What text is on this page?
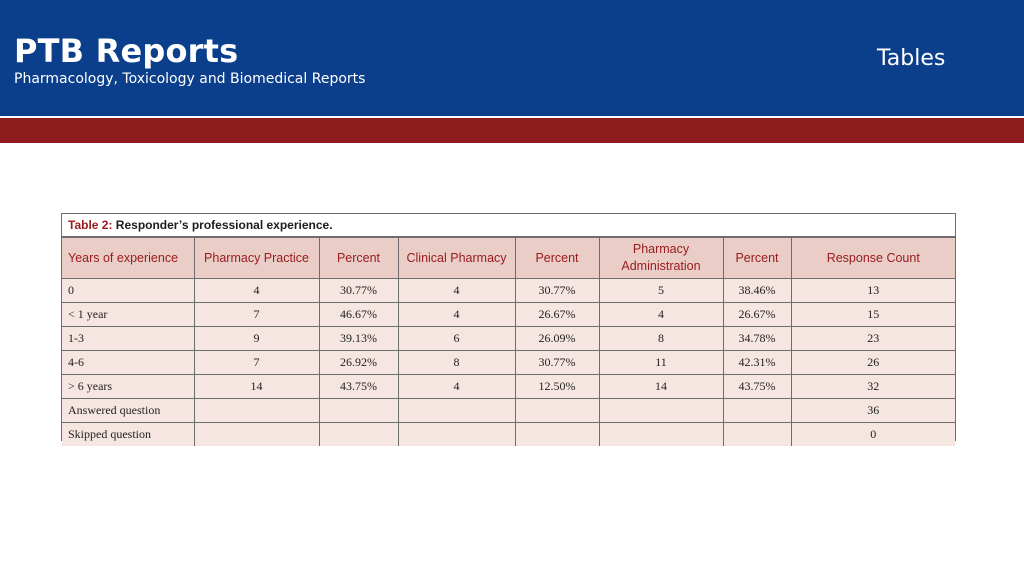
PTB Reports
Pharmacology, Toxicology and Biomedical Reports
Tables
Table 2: Responder’s professional experience.
Years of experience	Pharmacy Practice	Percent	Clinical Pharmacy	Percent	Pharmacy Administration	Percent	Response Count
0	4	30.77%	4	30.77%	5	38.46%	13
< 1 year	7	46.67%	4	26.67%	4	26.67%	15
1-3	9	39.13%	6	26.09%	8	34.78%	23
4-6	7	26.92%	8	30.77%	11	42.31%	26
> 6 years	14	43.75%	4	12.50%	14	43.75%	32
Answered question							36
Skipped question							0
